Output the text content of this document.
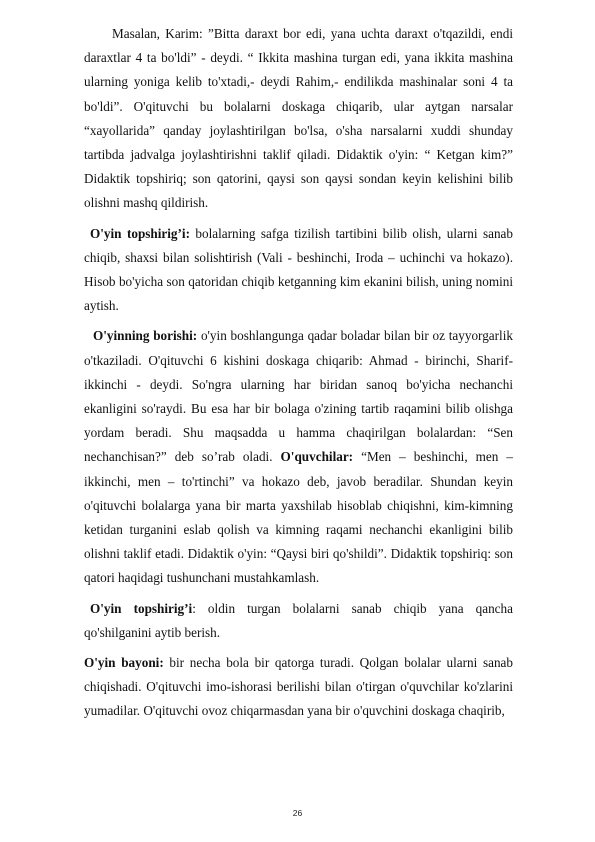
Masalan, Karim: ”Bitta daraxt bor edi, yana uchta daraxt o'tqazildi, endi daraxtlar 4 ta bo'ldi” - deydi. “ Ikkita mashina turgan edi, yana ikkita mashina ularning yoniga kelib to'xtadi,- deydi Rahim,- endilikda mashinalar soni 4 ta bo'ldi”. O'qituvchi bu bolalarni doskaga chiqarib, ular aytgan narsalar “xayollarida” qanday joylashtirilgan bo'lsa, o'sha narsalarni xuddi shunday tartibda jadvalga joylashtirishni taklif qiladi. Didaktik o'yin: “ Ketgan kim?” Didaktik topshiriq; son qatorini, qaysi son qaysi sondan keyin kelishini bilib olishni mashq qildirish.

O'yin topshirig’i: bolalarning safga tizilish tartibini bilib olish, ularni sanab chiqib, shaxsi bilan solishtirish (Vali - beshinchi, Iroda – uchinchi va hokazo). Hisob bo'yicha son qatoridan chiqib ketganning kim ekanini bilish, uning nomini aytish.

O'yinning borishi: o'yin boshlangunga qadar boladar bilan bir oz tayyorgarlik o'tkaziladi. O'qituvchi 6 kishini doskaga chiqarib: Ahmad - birinchi, Sharif-ikkinchi - deydi. So'ngra ularning har biridan sanoq bo'yicha nechanchi ekanligini so'raydi. Bu esa har bir bolaga o'zining tartib raqamini bilib olishga yordam beradi. Shu maqsadda u hamma chaqirilgan bolalardan: “Sen nechanchisan?” deb so’rab oladi. O'quvchilar: “Men – beshinchi, men – ikkinchi, men – to'rtinchi” va hokazo deb, javob beradilar. Shundan keyin o'qituvchi bolalarga yana bir marta yaxshilab hisoblab chiqishni, kim-kimning ketidan turganini eslab qolish va kimning raqami nechanchi ekanligini bilib olishni taklif etadi. Didaktik o'yin: “Qaysi biri qo'shildi”. Didaktik topshiriq: son qatori haqidagi tushunchani mustahkamlash.

O'yin topshirig’i: oldin turgan bolalarni sanab chiqib yana qancha qo'shilganini aytib berish.

O'yin bayoni: bir necha bola bir qatorga turadi. Qolgan bolalar ularni sanab chiqishadi. O'qituvchi imo-ishorasi berilishi bilan o'tirgan o'quvchilar ko'zlarini yumadilar. O'qituvchi ovoz chiqarmasdan yana bir o'quvchini doskaga chaqirib,

26
